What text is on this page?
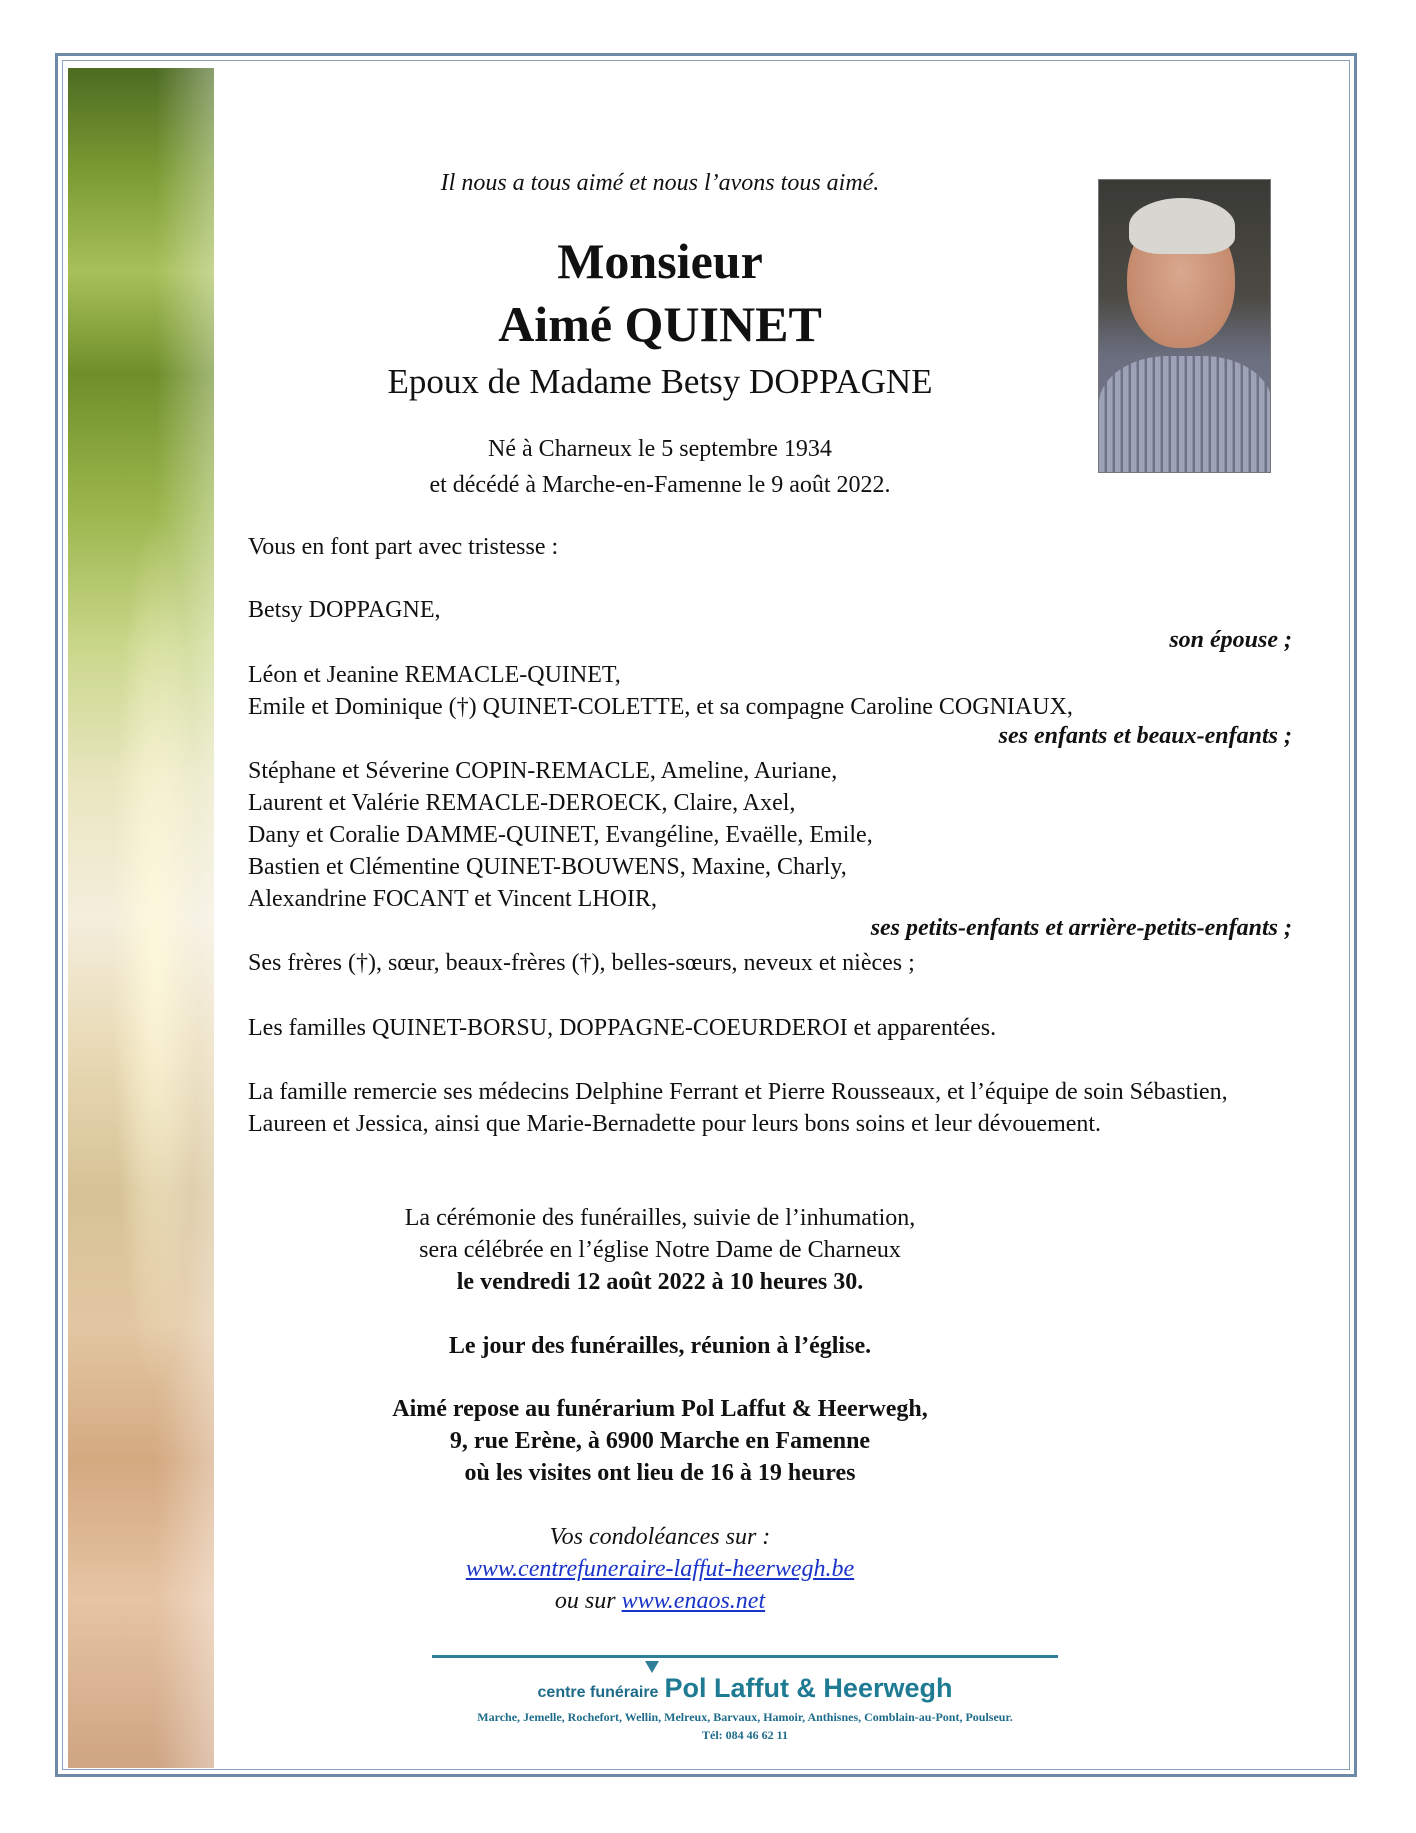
Il nous a tous aimé et nous l’avons tous aimé.
Monsieur
Aimé QUINET
Epoux de Madame Betsy DOPPAGNE
Né à Charneux le 5 septembre 1934
et décédé à Marche-en-Famenne le 9 août 2022.
Vous en font part avec tristesse :
Betsy DOPPAGNE,
son épouse ;
Léon et Jeanine REMACLE-QUINET,
Emile et Dominique (†) QUINET-COLETTE, et sa compagne Caroline COGNIAUX,
ses enfants et beaux-enfants ;
Stéphane et Séverine COPIN-REMACLE, Ameline, Auriane,
Laurent et Valérie REMACLE-DEROECK, Claire, Axel,
Dany et Coralie DAMME-QUINET, Evangéline, Evaëlle, Emile,
Bastien et Clémentine QUINET-BOUWENS, Maxine, Charly,
Alexandrine FOCANT et Vincent LHOIR,
ses petits-enfants et arrière-petits-enfants ;
Ses frères (†), sœur, beaux-frères (†), belles-sœurs, neveux et nièces ;
Les familles QUINET-BORSU, DOPPAGNE-COEURDEROI et apparentées.
La famille remercie ses médecins Delphine Ferrant et Pierre Rousseaux, et l’équipe de soin Sébastien, Laureen et Jessica, ainsi que Marie-Bernadette pour leurs bons soins et leur dévouement.
La cérémonie des funérailles, suivie de l’inhumation,
sera célébrée en l’église Notre Dame de Charneux
le vendredi 12 août 2022 à 10 heures 30.
Le jour des funérailles, réunion à l’église.
Aimé repose au funérarium Pol Laffut & Heerwegh,
9, rue Erène, à 6900 Marche en Famenne
où les visites ont lieu de 16 à 19 heures
Vos condoléances sur :
www.centrefuneraire-laffut-heerwegh.be
ou sur www.enaos.net
centre funéraire Pol Laffut & Heerwegh
Marche, Jemelle, Rochefort, Wellin, Melreux, Barvaux, Hamoir, Anthisnes, Comblain-au-Pont, Poulseur.
Tél: 084 46 62 11
